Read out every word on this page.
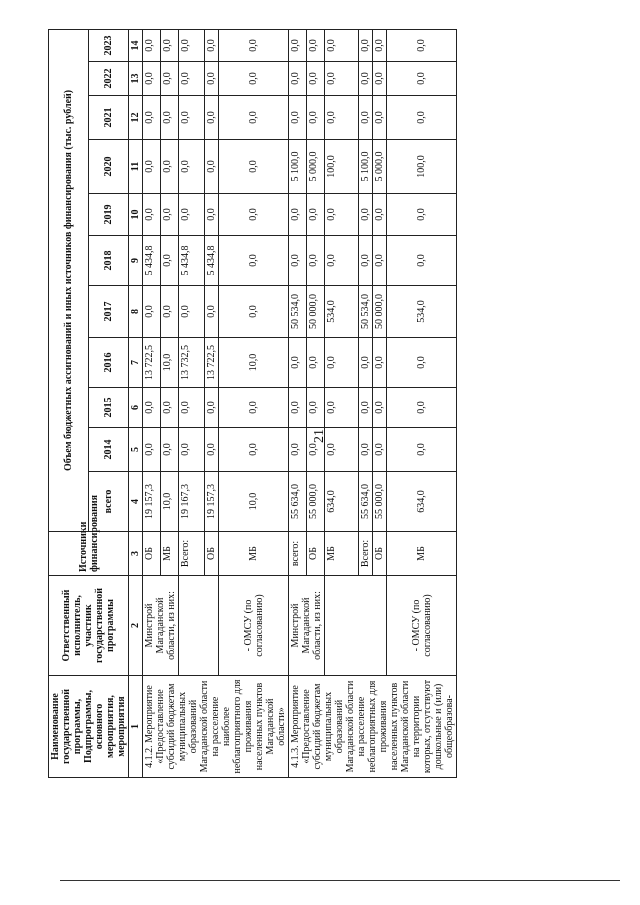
21
Наименование государственной программы, Подпрограммы, основного мероприятия, мероприятия	Ответственный исполнитель, участник государственной программы	Источники финансирования	Объем бюджетных ассигнований и иных источников финансирования (тыс. рублей)										
			всего	2014	2015	2016	2017	2018	2019	2020	2021	2022	2023
1	2	3	4	5	6	7	8	9	10	11	12	13	14
4.1.2. Мероприятие «Предоставление субсидий бюджетам муниципальных образований Магаданской области на расселение наиболее неблагоприятного для проживания населенных пунктов Магаданской области»	Минстрой Магаданской области, из них:	ОБ	19 157,3	0,0	0,0	13 722,5	0,0	5 434,8	0,0	0,0	0,0	0,0	0,0
		МБ	10,0	0,0	0,0	10,0	0,0	0,0	0,0	0,0	0,0	0,0	0,0
		Всего:	19 167,3	0,0	0,0	13 732,5	0,0	5 434,8	0,0	0,0	0,0	0,0	0,0
		ОБ	19 157,3	0,0	0,0	13 722,5	0,0	5 434,8	0,0	0,0	0,0	0,0	0,0
	- ОМСУ (по согласованию)	МБ	10,0	0,0	0,0	10,0	0,0	0,0	0,0	0,0	0,0	0,0	0,0
4.1.3. Мероприятие «Предоставление субсидий бюджетам муниципальных образований Магаданской области на расселение неблагоприятных для проживания населенных пунктов Магаданской области на территории которых, отсутствуют дошкольные и (или) общеобразова-	Минстрой Магаданской области, из них:	всего:	55 634,0	0,0	0,0	0,0	50 534,0	0,0	0,0	5 100,0	0,0	0,0	0,0
		ОБ	55 000,0	0,0	0,0	0,0	50 000,0	0,0	0,0	5 000,0	0,0	0,0	0,0
		МБ	634,0	0,0	0,0	0,0	534,0	0,0	0,0	100,0	0,0	0,0	0,0
		Всего:	55 634,0	0,0	0,0	0,0	50 534,0	0,0	0,0	5 100,0	0,0	0,0	0,0
		ОБ	55 000,0	0,0	0,0	0,0	50 000,0	0,0	0,0	5 000,0	0,0	0,0	0,0
	- ОМСУ (по согласованию)	МБ	634,0	0,0	0,0	0,0	534,0	0,0	0,0	100,0	0,0	0,0	0,0
